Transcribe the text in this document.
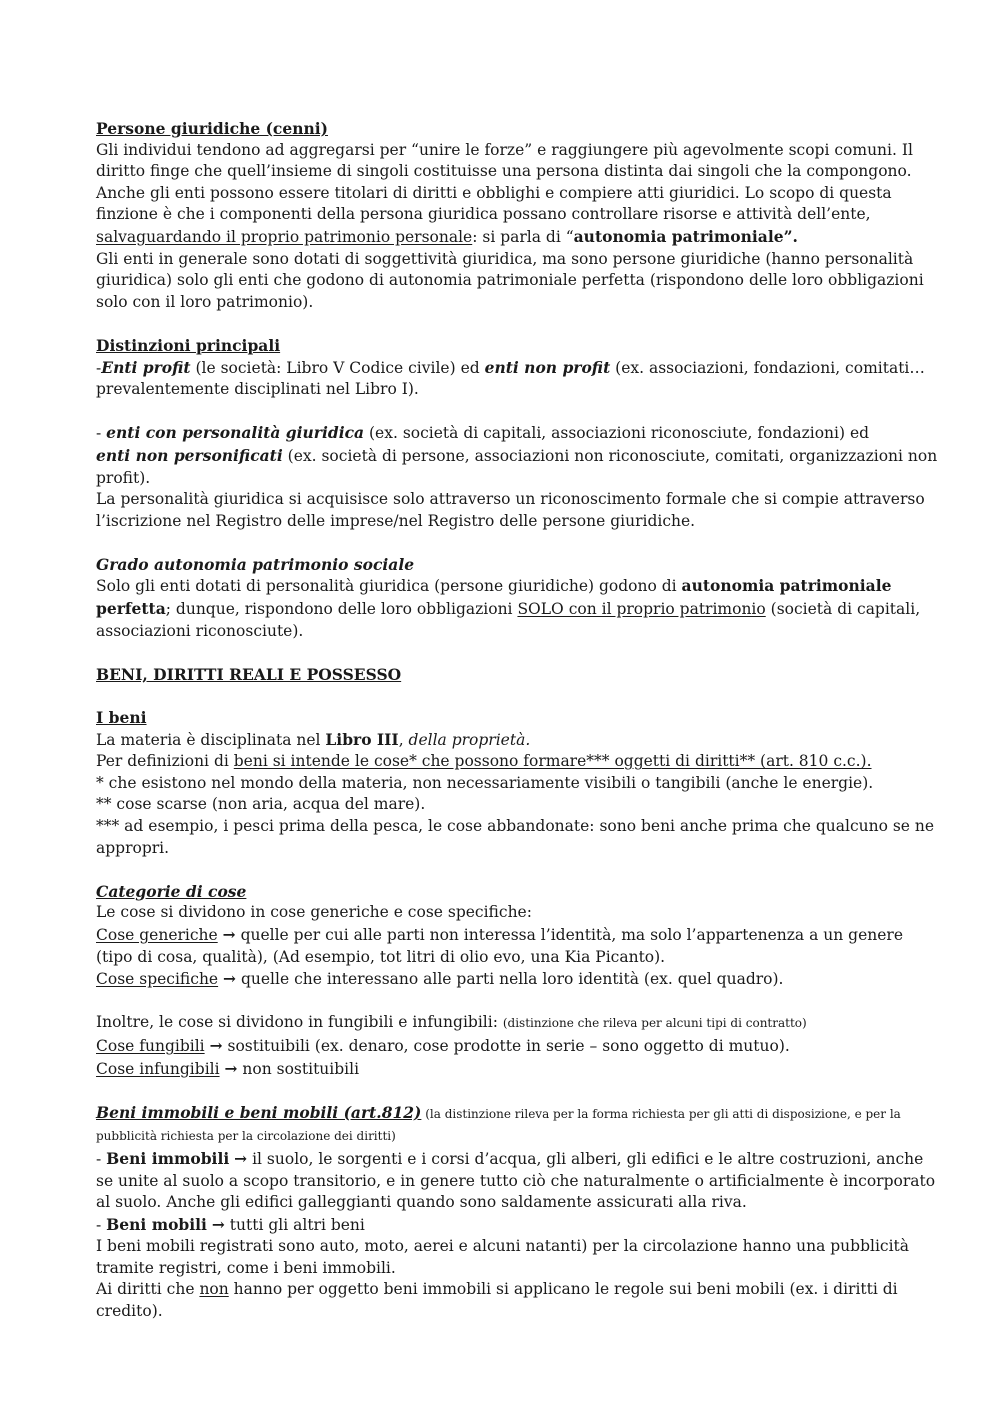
Persone giuridiche (cenni)

Gli individui tendono ad aggregarsi per “unire le forze” e raggiungere più agevolmente scopi comuni. Il diritto finge che quell’insieme di singoli costituisse una persona distinta dai singoli che la compongono. Anche gli enti possono essere titolari di diritti e obblighi e compiere atti giuridici. Lo scopo di questa finzione è che i componenti della persona giuridica possano controllare risorse e attività dell’ente, salvaguardando il proprio patrimonio personale: si parla di “autonomia patrimoniale”.

Gli enti in generale sono dotati di soggettività giuridica, ma sono persone giuridiche (hanno personalità giuridica) solo gli enti che godono di autonomia patrimoniale perfetta (rispondono delle loro obbligazioni solo con il loro patrimonio).

Distinzioni principali

-Enti profit (le società: Libro V Codice civile) ed enti non profit (ex. associazioni, fondazioni, comitati… prevalentemente disciplinati nel Libro I).

- enti con personalità giuridica (ex. società di capitali, associazioni riconosciute, fondazioni) ed
enti non personificati (ex. società di persone, associazioni non riconosciute, comitati, organizzazioni non profit).

La personalità giuridica si acquisisce solo attraverso un riconoscimento formale che si compie attraverso l’iscrizione nel Registro delle imprese/nel Registro delle persone giuridiche.

Grado autonomia patrimonio sociale

Solo gli enti dotati di personalità giuridica (persone giuridiche) godono di autonomia patrimoniale perfetta; dunque, rispondono delle loro obbligazioni SOLO con il proprio patrimonio (società di capitali, associazioni riconosciute).

BENI, DIRITTI REALI E POSSESSO

I beni

La materia è disciplinata nel Libro III, della proprietà.

Per definizioni di beni si intende le cose* che possono formare*** oggetti di diritti** (art. 810 c.c.).

* che esistono nel mondo della materia, non necessariamente visibili o tangibili (anche le energie).

** cose scarse (non aria, acqua del mare).

*** ad esempio, i pesci prima della pesca, le cose abbandonate: sono beni anche prima che qualcuno se ne appropri.

Categorie di cose

Le cose si dividono in cose generiche e cose specifiche:

Cose generiche → quelle per cui alle parti non interessa l’identità, ma solo l’appartenenza a un genere (tipo di cosa, qualità), (Ad esempio, tot litri di olio evo, una Kia Picanto).

Cose specifiche → quelle che interessano alle parti nella loro identità (ex. quel quadro).

Inoltre, le cose si dividono in fungibili e infungibili: (distinzione che rileva per alcuni tipi di contratto)

Cose fungibili → sostituibili (ex. denaro, cose prodotte in serie – sono oggetto di mutuo).

Cose infungibili → non sostituibili

Beni immobili e beni mobili (art.812) (la distinzione rileva per la forma richiesta per gli atti di disposizione, e per la pubblicità richiesta per la circolazione dei diritti)

- Beni immobili → il suolo, le sorgenti e i corsi d’acqua, gli alberi, gli edifici e le altre costruzioni, anche se unite al suolo a scopo transitorio, e in genere tutto ciò che naturalmente o artificialmente è incorporato al suolo. Anche gli edifici galleggianti quando sono saldamente assicurati alla riva.

- Beni mobili → tutti gli altri beni

I beni mobili registrati sono auto, moto, aerei e alcuni natanti) per la circolazione hanno una pubblicità tramite registri, come i beni immobili.

Ai diritti che non hanno per oggetto beni immobili si applicano le regole sui beni mobili (ex. i diritti di credito).
